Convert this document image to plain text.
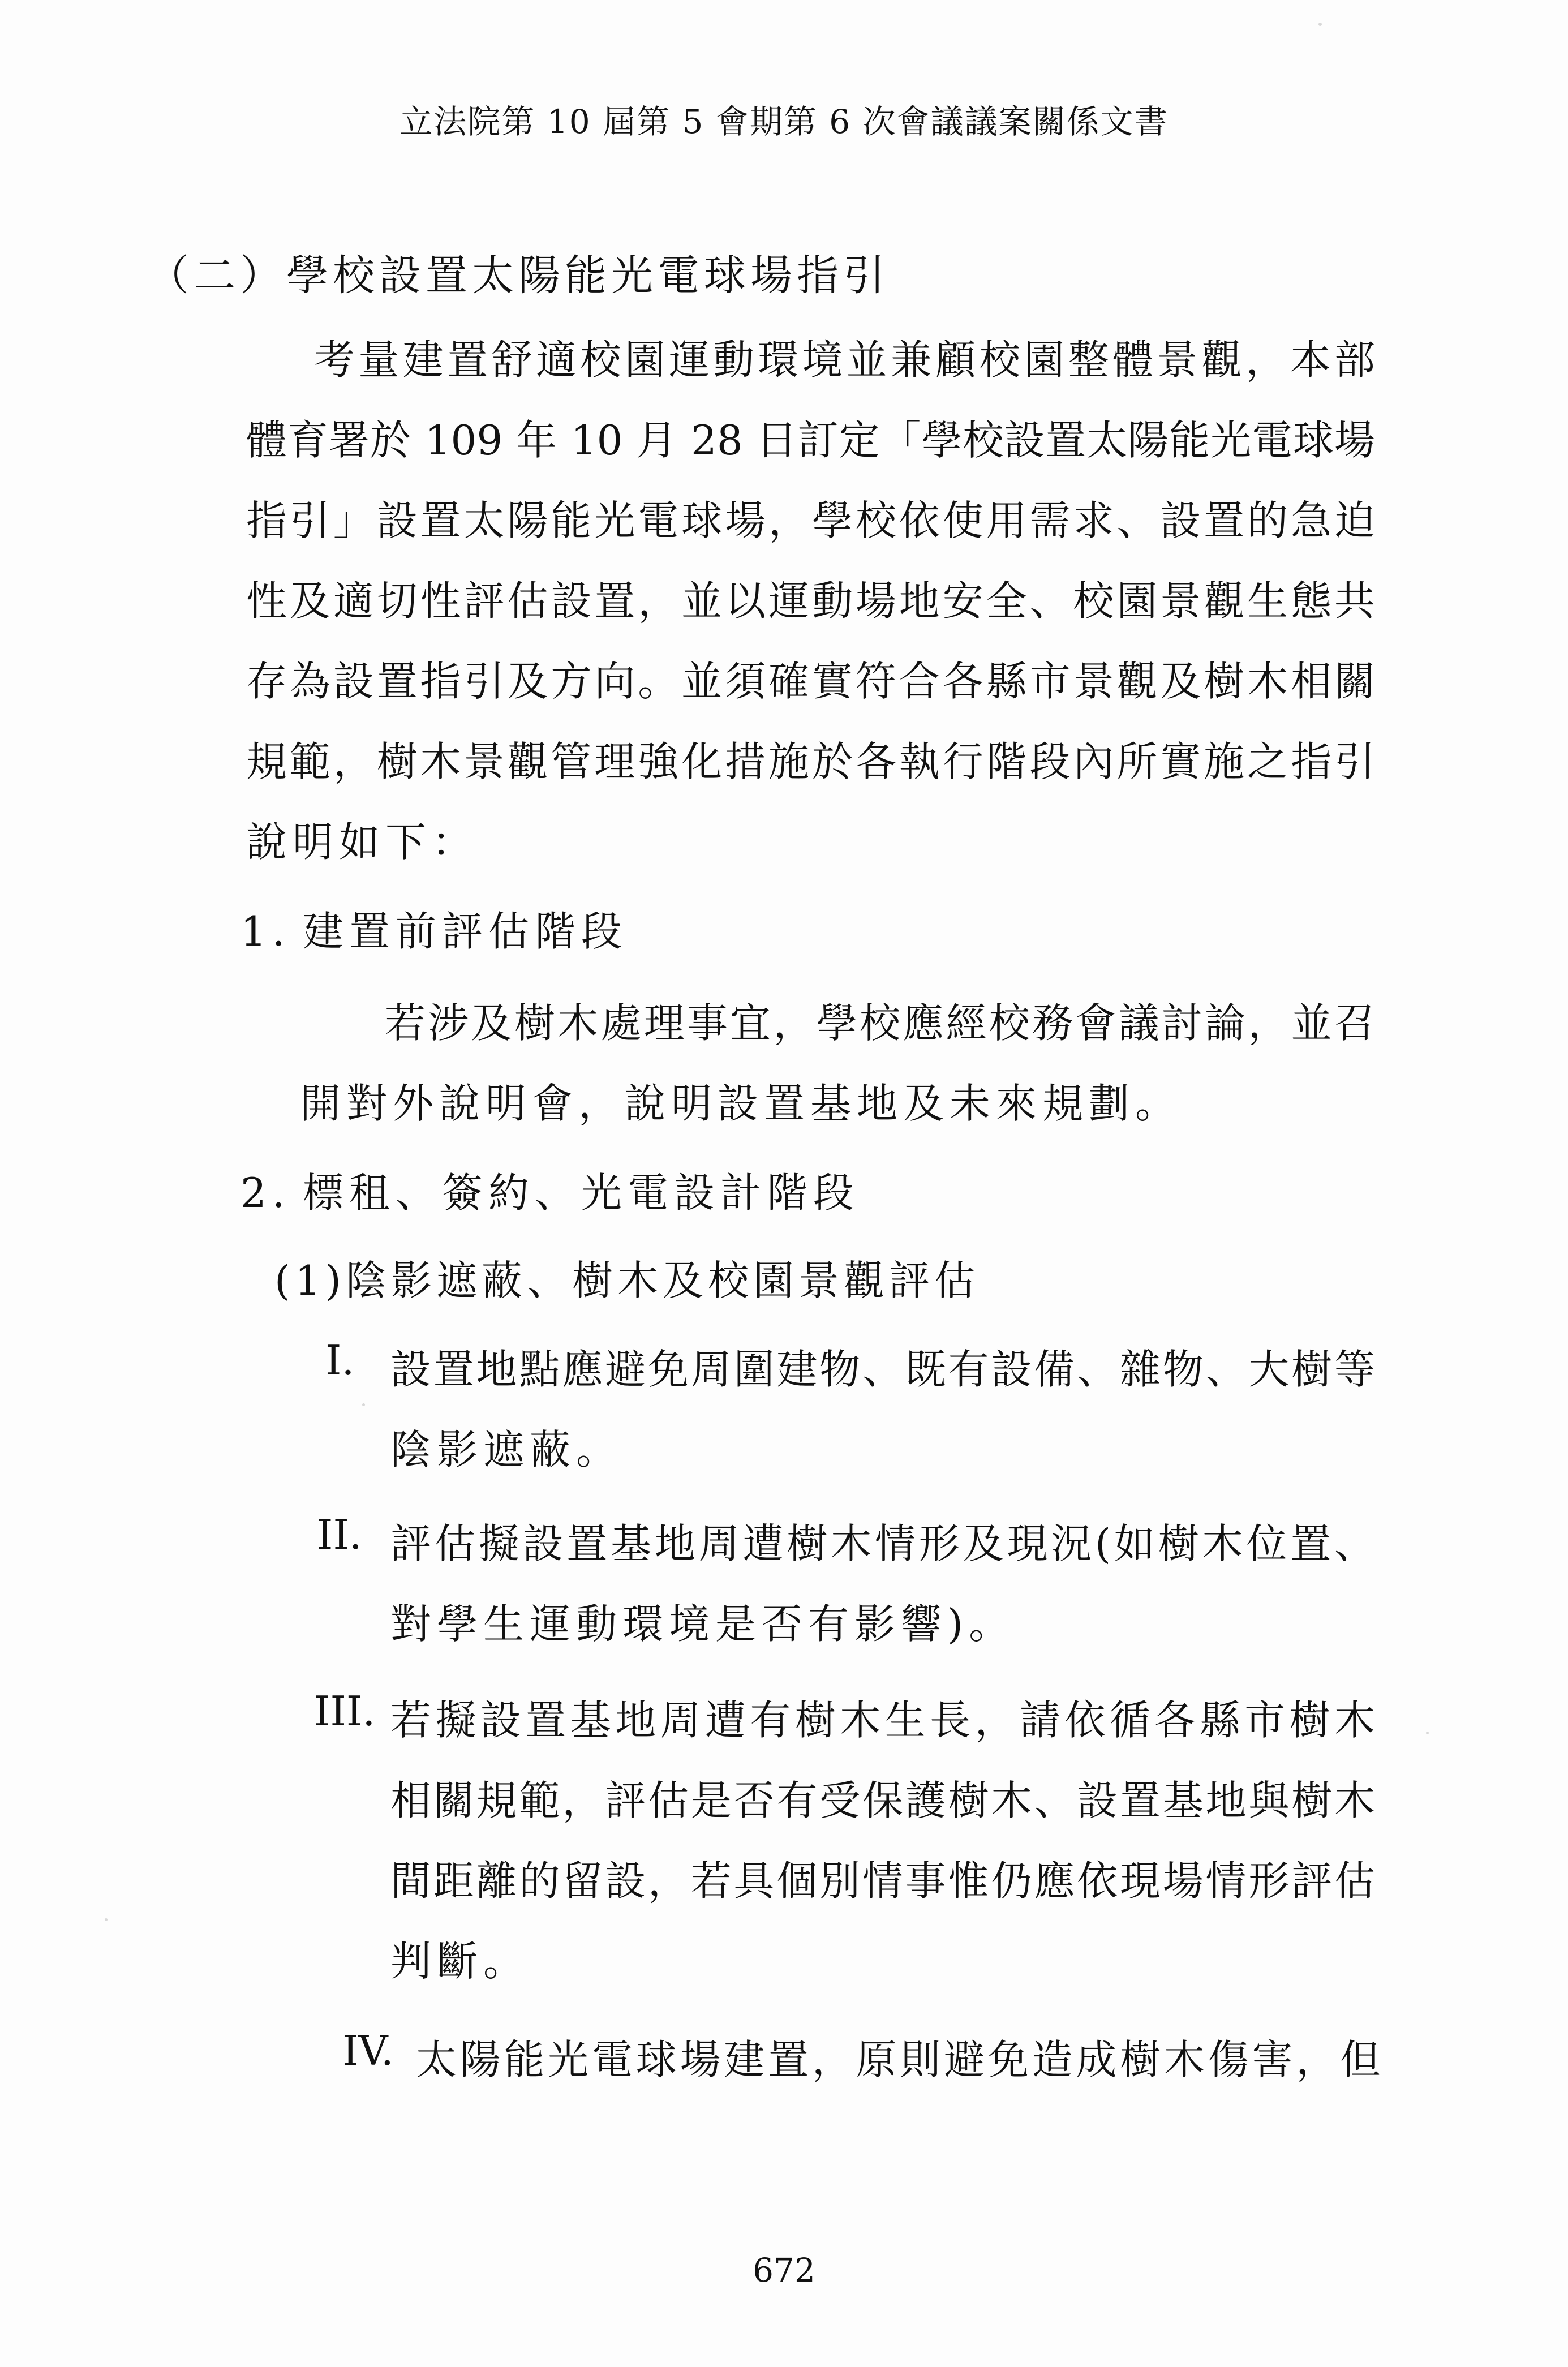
立法院第 10 屆第 5 會期第 6 次會議議案關係文書
（二）學校設置太陽能光電球場指引
考量建置舒適校園運動環境並兼顧校園整體景觀，本部
體育署於 109 年 10 月 28 日訂定「學校設置太陽能光電球場
指引」設置太陽能光電球場，學校依使用需求、設置的急迫
性及適切性評估設置，並以運動場地安全、校園景觀生態共
存為設置指引及方向。並須確實符合各縣市景觀及樹木相關
規範，樹木景觀管理強化措施於各執行階段內所實施之指引
說明如下：
1. 建置前評估階段
若涉及樹木處理事宜，學校應經校務會議討論，並召
開對外說明會，說明設置基地及未來規劃。
2. 標租、簽約、光電設計階段
(1)陰影遮蔽、樹木及校園景觀評估
I. 設置地點應避免周圍建物、既有設備、雜物、大樹等
陰影遮蔽。
II. 評估擬設置基地周遭樹木情形及現況(如樹木位置、
對學生運動環境是否有影響)。
III. 若擬設置基地周遭有樹木生長，請依循各縣市樹木
相關規範，評估是否有受保護樹木、設置基地與樹木
間距離的留設，若具個別情事惟仍應依現場情形評估
判斷。
IV. 太陽能光電球場建置，原則避免造成樹木傷害，但
672
